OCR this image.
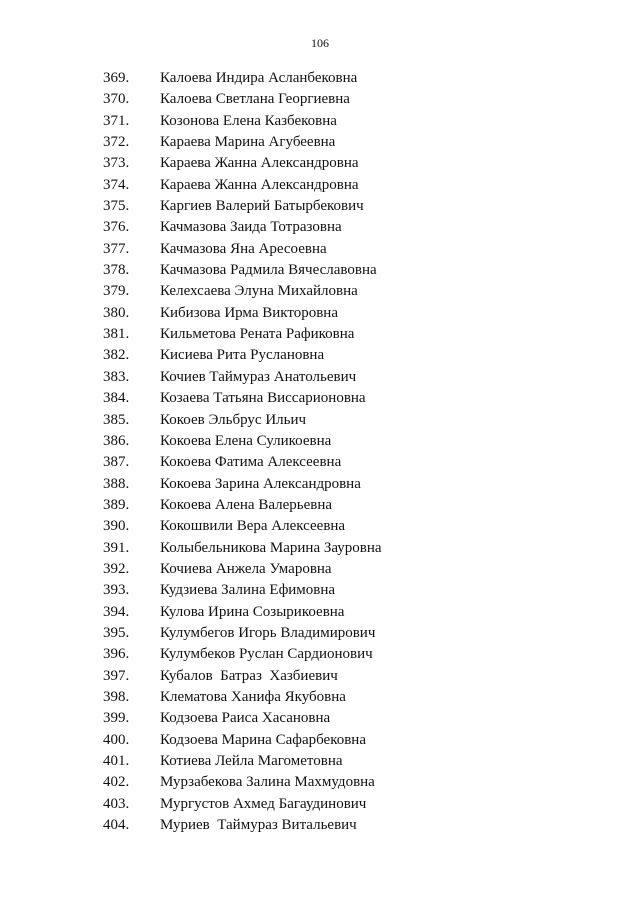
106
369.	Калоева Индира Асланбековна
370.	Калоева Светлана Георгиевна
371.	Козонова Елена Казбековна
372.	Караева Марина Агубеевна
373.	Караева Жанна Александровна
374.	Караева Жанна Александровна
375.	Каргиев Валерий Батырбекович
376.	Качмазова Заида Тотразовна
377.	Качмазова Яна Аресоевна
378.	Качмазова Радмила Вячеславовна
379.	Келехсаева Элуна Михайловна
380.	Кибизова Ирма Викторовна
381.	Кильметова Рената Рафиковна
382.	Кисиева Рита Руслановна
383.	Кочиев Таймураз Анатольевич
384.	Козаева Татьяна Виссарионовна
385.	Кокоев Эльбрус Ильич
386.	Кокоева Елена Суликоевна
387.	Кокоева Фатима Алексеевна
388.	Кокоева Зарина Александровна
389.	Кокоева Алена Валерьевна
390.	Кокошвили Вера Алексеевна
391.	Колыбельникова Марина Зауровна
392.	Кочиева Анжела Умаровна
393.	Кудзиева Залина Ефимовна
394.	Кулова Ирина Созырикоевна
395.	Кулумбегов Игорь Владимирович
396.	Кулумбеков Руслан Сардионович
397.	Кубалов  Батраз  Хазбиевич
398.	Клематова Ханифа Якубовна
399.	Кодзоева Раиса Хасановна
400.	Кодзоева Марина Сафарбековна
401.	Котиева Лейла Магометовна
402.	Мурзабекова Залина Махмудовна
403.	Мургустов Ахмед Багаудинович
404.	Муриев  Таймураз Витальевич
